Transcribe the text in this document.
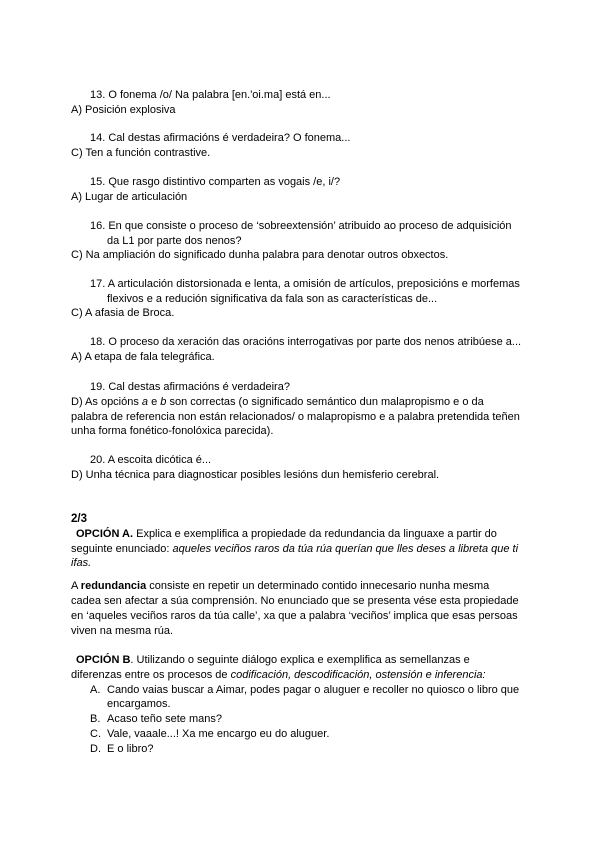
13. O fonema /o/ Na palabra [en.'oi.ma] está en...
A) Posición explosiva
14. Cal destas afirmacións é verdadeira? O fonema...
C) Ten a función contrastive.
15. Que rasgo distintivo comparten as vogais /e, i/?
A) Lugar de articulación
16. En que consiste o proceso de ‘sobreextensión’ atribuido ao proceso de adquisición
da L1 por parte dos nenos?
C) Na ampliación do significado dunha palabra para denotar outros obxectos.
17. A articulación distorsionada e lenta, a omisión de artículos, preposicións e morfemas
flexivos e a redución significativa da fala son as características de...
C) A afasia de Broca.
18. O proceso da xeración das oracións interrogativas por parte dos nenos atribúese a...
A) A etapa de fala telegráfica.
19. Cal destas afirmacións é verdadeira?
D) As opcións a e b son correctas (o significado semántico dun malapropismo e o da
palabra de referencia non están relacionados/ o malapropismo e a palabra pretendida teñen
unha forma fonético-fonolóxica parecida).
20. A escoita dicótica é...
D) Unha técnica para diagnosticar posibles lesións dun hemisferio cerebral.
2/3
OPCIÓN A. Explica e exemplifica a propiedade da redundancia da linguaxe a partir do
seguinte enunciado: aqueles veciños raros da túa rúa querían que lles deses a libreta que ti
ifas.
A redundancia consiste en repetir un determinado contido innecesario nunha mesma
cadea sen afectar a súa comprensión. No enunciado que se presenta vése esta propiedade
en ‘aqueles veciños raros da túa calle’, xa que a palabra ‘veciños’ implica que esas persoas
viven na mesma rúa.
OPCIÓN B. Utilizando o seguinte diálogo explica e exemplifica as semellanzas e
diferenzas entre os procesos de codificación, descodificación, ostensión e inferencia:
A. Cando vaias buscar a Aimar, podes pagar o aluguer e recoller no quiosco o libro que
encargamos.
B. Acaso teño sete mans?
C. Vale, vaaale...! Xa me encargo eu do aluguer.
D. E o libro?
